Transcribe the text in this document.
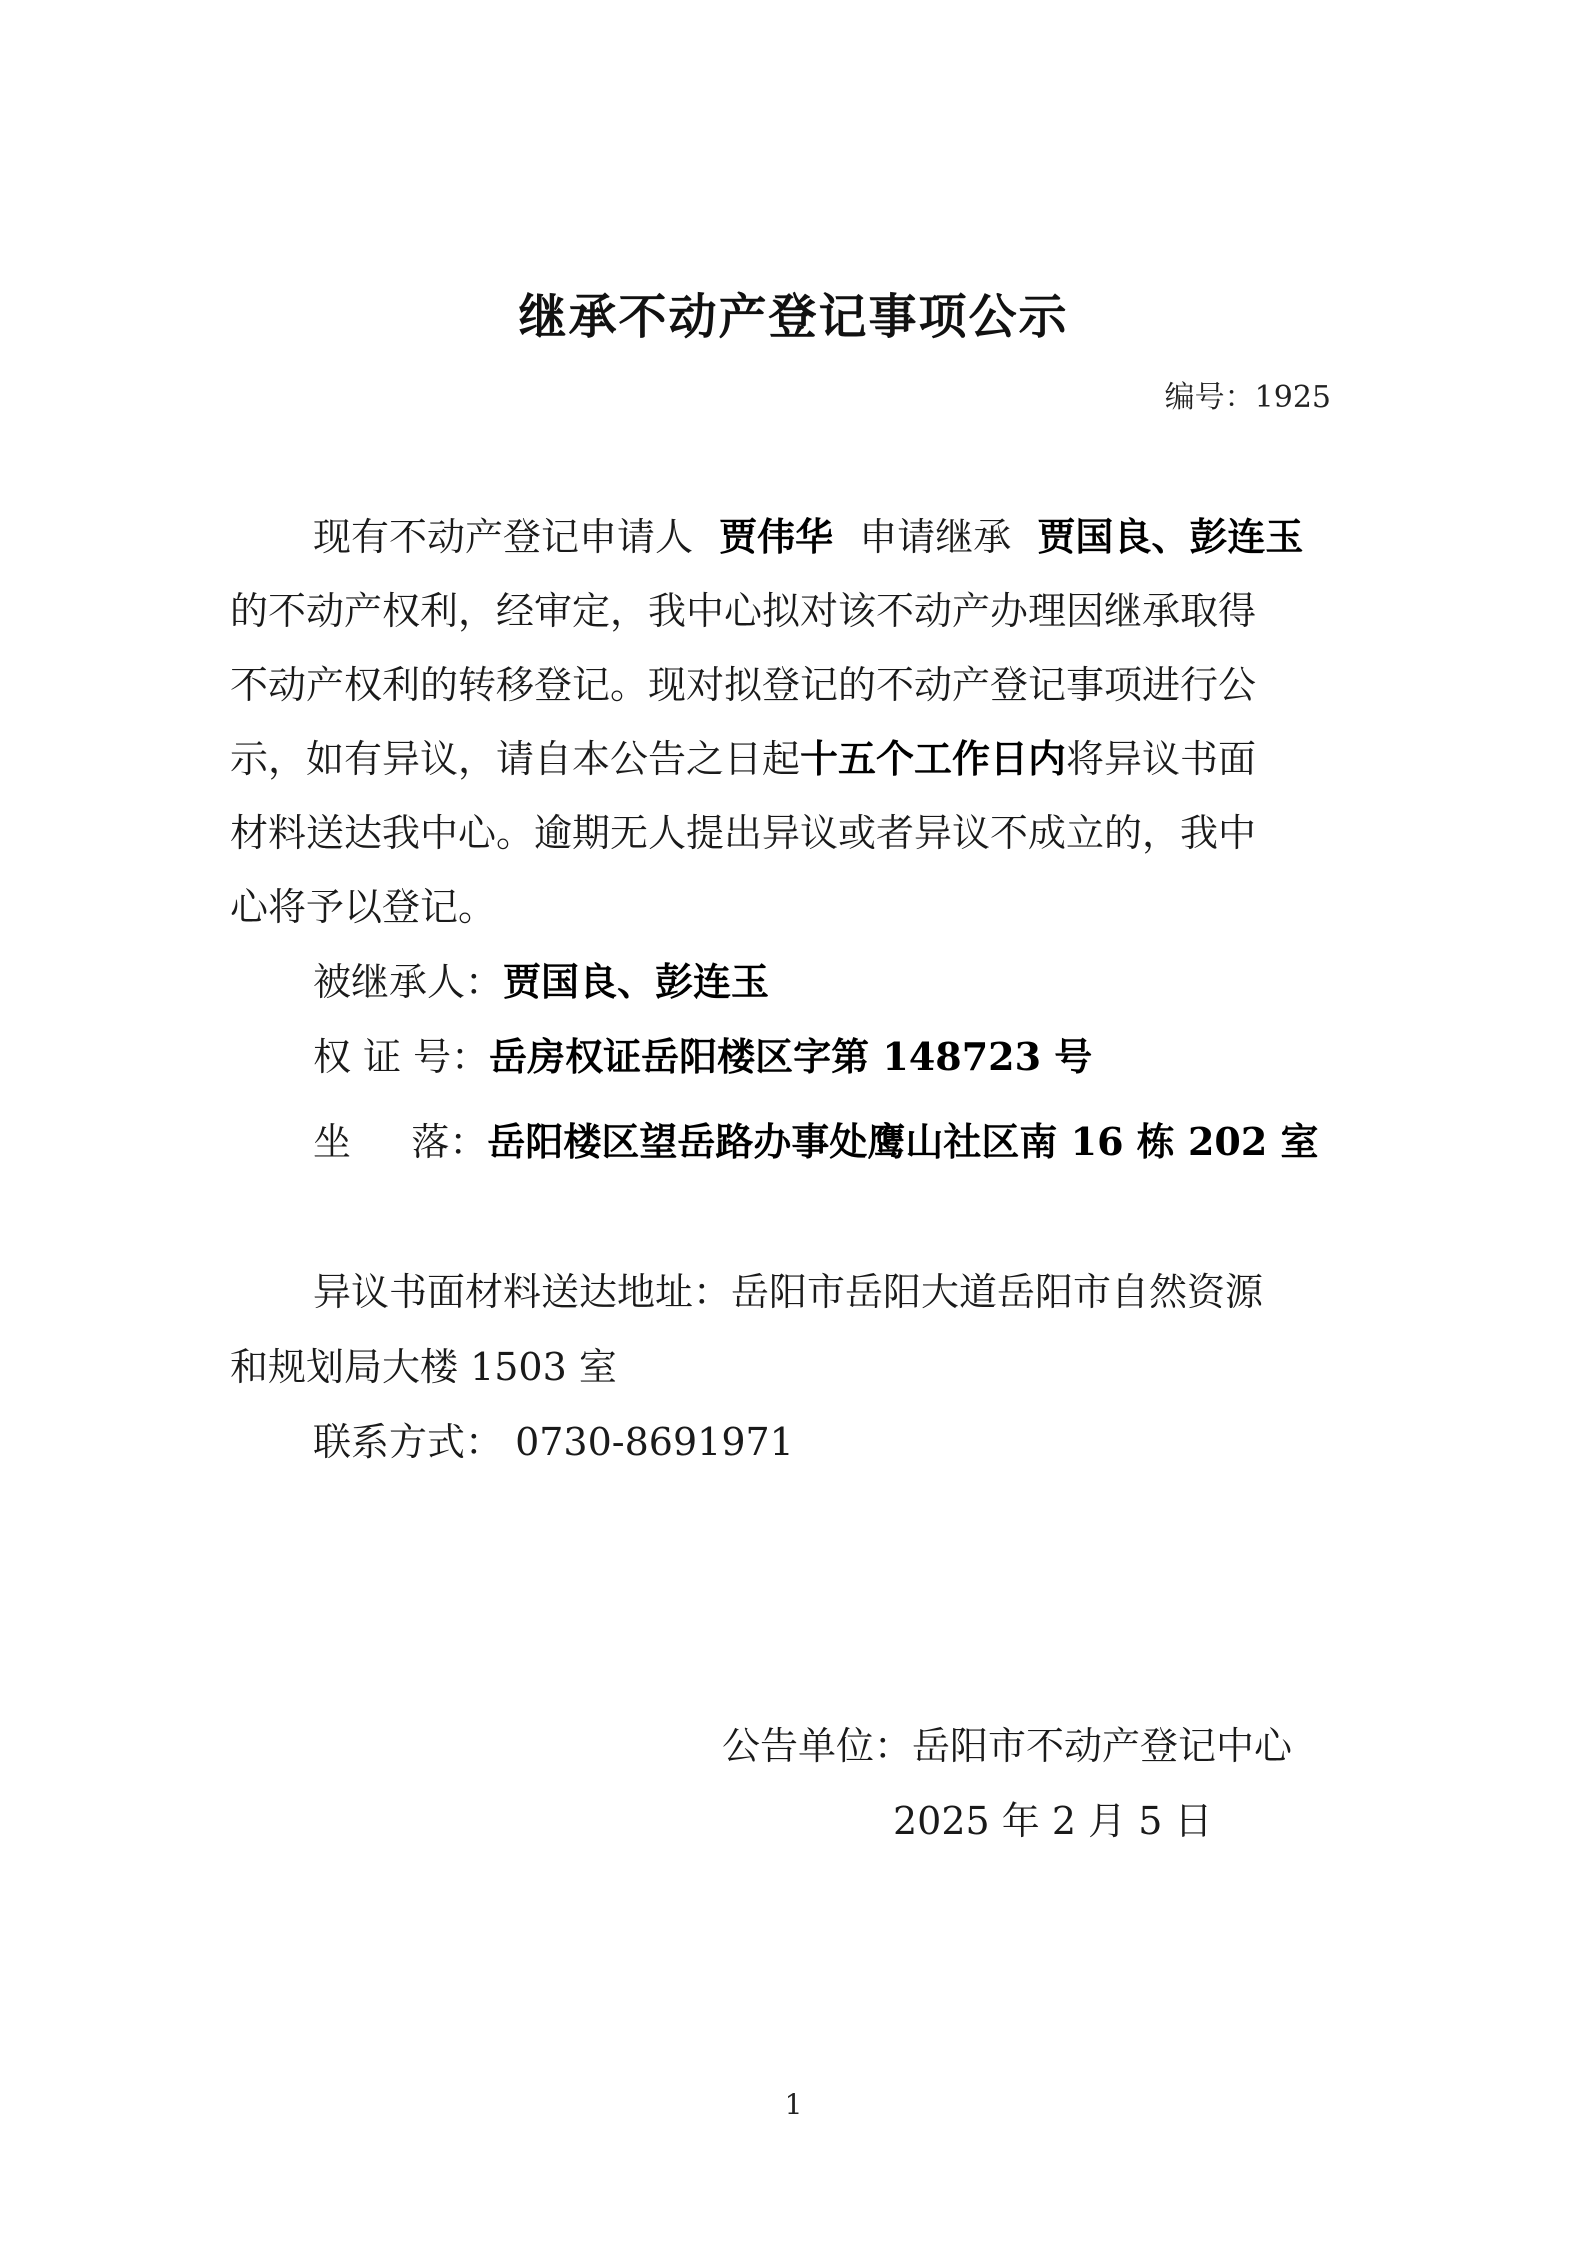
继承不动产登记事项公示
编号：1925
现有不动产登记申请人 贾伟华 申请继承 贾国良、彭连玉
的不动产权利，经审定，我中心拟对该不动产办理因继承取得
不动产权利的转移登记。现对拟登记的不动产登记事项进行公
示，如有异议，请自本公告之日起十五个工作日内将异议书面
材料送达我中心。逾期无人提出异议或者异议不成立的，我中
心将予以登记。
被继承人：贾国良、彭连玉
权 证 号：岳房权证岳阳楼区字第 148723 号
坐     落：岳阳楼区望岳路办事处鹰山社区南 16 栋 202 室
异议书面材料送达地址：岳阳市岳阳大道岳阳市自然资源
和规划局大楼 1503 室
联系方式： 0730-8691971
公告单位：岳阳市不动产登记中心
2025 年 2 月 5 日
1
